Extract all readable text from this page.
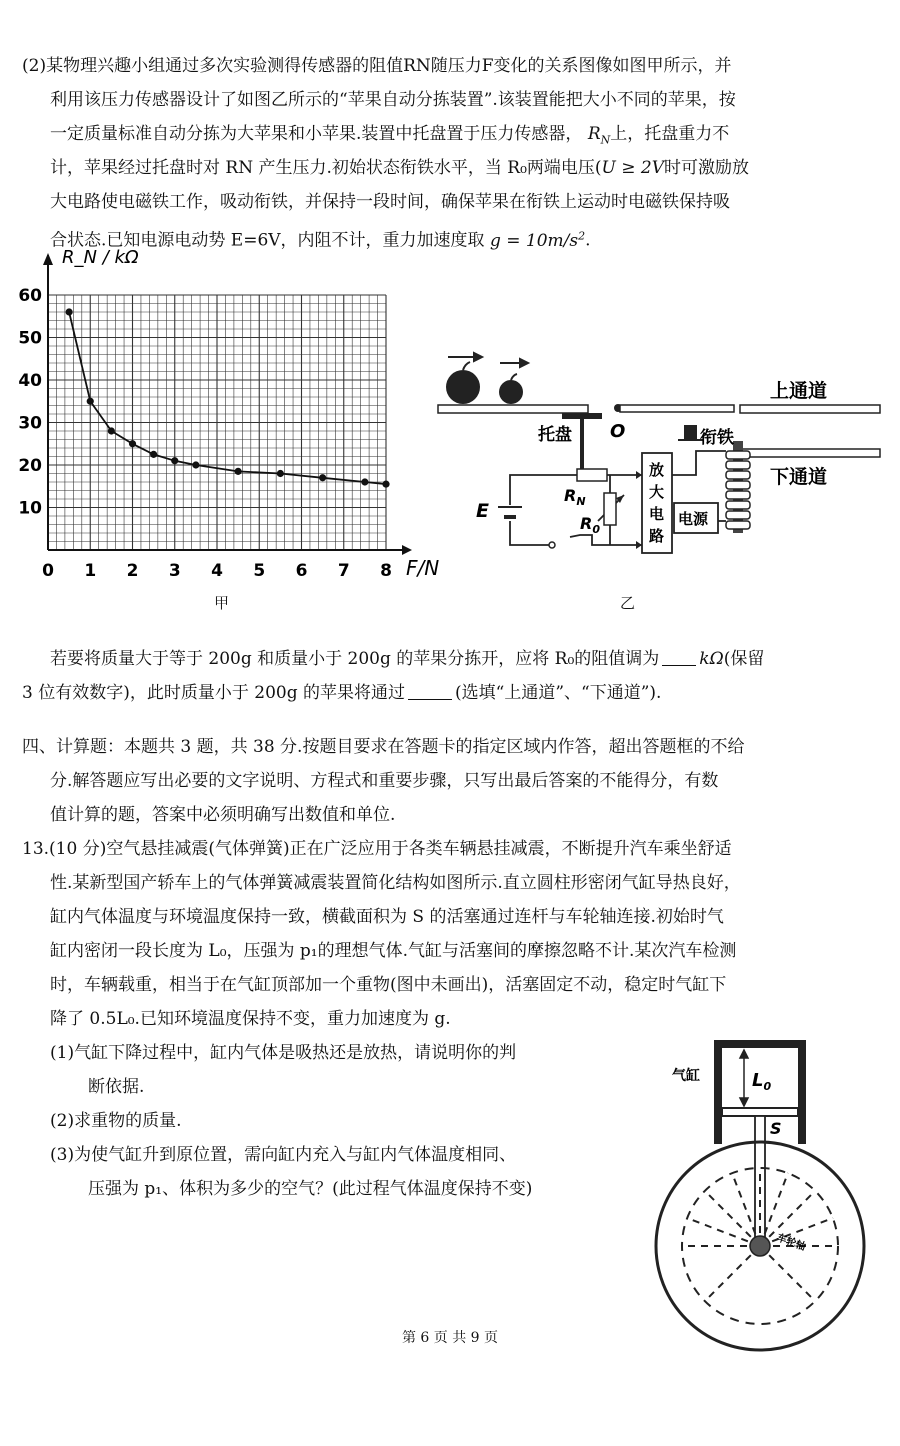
(2)某物理兴趣小组通过多次实验测得传感器的阻值RN随压力F变化的关系图像如图甲所示，并

利用该压力传感器设计了如图乙所示的“苹果自动分拣装置”.该装置能把大小不同的苹果，按

一定质量标准自动分拣为大苹果和小苹果.装置中托盘置于压力传感器， $R_N$上，托盘重力不

计，苹果经过托盘时对 RN 产生压力.初始状态衔铁水平，当 R₀两端电压(U ≥ 2V时可激励放

大电路使电磁铁工作，吸动衔铁，并保持一段时间，确保苹果在衔铁上运动时电磁铁保持吸

合状态.已知电源电动势 E=6V，内阻不计，重力加速度取 $g = 10m/s^2$.

0 1 2 3 4 5 6 7 8
10
20
30
40
50
60
R_N / kΩ
F/N
甲
托盘 O	衔铁
上通道
下通道
E
$R_N$
$R_0$
放
大
电
路
电源
乙

若要将质量大于等于 200g 和质量小于 200g 的苹果分拣开，应将 R₀的阻值调为 kΩ(保留

3 位有效数字)，此时质量小于 200g 的苹果将通过	(选填“上通道”、“下通道”).

四、计算题：本题共 3 题，共 38 分.按题目要求在答题卡的指定区域内作答，超出答题框的不给

分.解答题应写出必要的文字说明、方程式和重要步骤，只写出最后答案的不能得分，有数

值计算的题，答案中必须明确写出数值和单位.

13.(10 分)空气悬挂减震(气体弹簧)正在广泛应用于各类车辆悬挂减震，不断提升汽车乘坐舒适

性.某新型国产轿车上的气体弹簧减震装置简化结构如图所示.直立圆柱形密闭气缸导热良好，

缸内气体温度与环境温度保持一致，横截面积为 S 的活塞通过连杆与车轮轴连接.初始时气

缸内密闭一段长度为 L₀，压强为 p₁的理想气体.气缸与活塞间的摩擦忽略不计.某次汽车检测

时，车辆载重，相当于在气缸顶部加一个重物(图中未画出)，活塞固定不动，稳定时气缸下

降了 0.5L₀.已知环境温度保持不变，重力加速度为 g.

(1)气缸下降过程中，缸内气体是吸热还是放热，请说明你的判

断依据.

(2)求重物的质量.

(3)为使气缸升到原位置，需向缸内充入与缸内气体温度相同、

压强为 p₁、体积为多少的空气？(此过程气体温度保持不变)

$L_0$
S
气缸
车轮轴
第 6 页 共 9 页
